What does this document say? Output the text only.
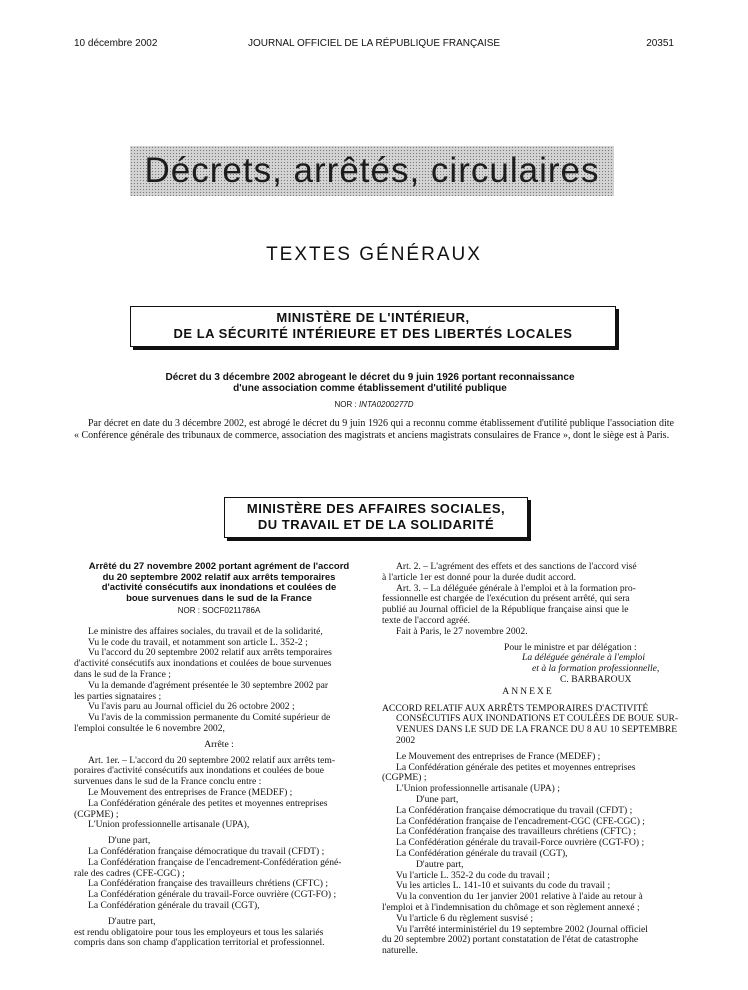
10 décembre 2002	JOURNAL OFFICIEL DE LA RÉPUBLIQUE FRANÇAISE	20351
Décrets, arrêtés, circulaires
TEXTES GÉNÉRAUX
MINISTÈRE DE L'INTÉRIEUR,
DE LA SÉCURITÉ INTÉRIEURE ET DES LIBERTÉS LOCALES
Décret du 3 décembre 2002 abrogeant le décret du 9 juin 1926 portant reconnaissance
d'une association comme établissement d'utilité publique
NOR : INTA0200277D
Par décret en date du 3 décembre 2002, est abrogé le décret du 9 juin 1926 qui a reconnu comme établissement d'utilité publique l'association dite « Conférence générale des tribunaux de commerce, association des magistrats et anciens magistrats consulaires de France », dont le siège est à Paris.
MINISTÈRE DES AFFAIRES SOCIALES,
DU TRAVAIL ET DE LA SOLIDARITÉ
Arrêté du 27 novembre 2002 portant agrément de l'accord
du 20 septembre 2002 relatif aux arrêts temporaires
d'activité consécutifs aux inondations et coulées de
boue survenues dans le sud de la France
NOR : SOCF0211786A
Le ministre des affaires sociales, du travail et de la solidarité,
Vu le code du travail, et notamment son article L. 352-2 ;
Vu l'accord du 20 septembre 2002 relatif aux arrêts temporaires
d'activité consécutifs aux inondations et coulées de boue survenues
dans le sud de la France ;
Vu la demande d'agrément présentée le 30 septembre 2002 par
les parties signataires ;
Vu l'avis paru au Journal officiel du 26 octobre 2002 ;
Vu l'avis de la commission permanente du Comité supérieur de
l'emploi consultée le 6 novembre 2002,
Arrête :
Art. 1er. – L'accord du 20 septembre 2002 relatif aux arrêts tem-
poraires d'activité consécutifs aux inondations et coulées de boue
survenues dans le sud de la France conclu entre :
Le Mouvement des entreprises de France (MEDEF) ;
La Confédération générale des petites et moyennes entreprises
(CGPME) ;
L'Union professionnelle artisanale (UPA),
D'une part,
La Confédération française démocratique du travail (CFDT) ;
La Confédération française de l'encadrement-Confédération géné-
rale des cadres (CFE-CGC) ;
La Confédération française des travailleurs chrétiens (CFTC) ;
La Confédération générale du travail-Force ouvrière (CGT-FO) ;
La Confédération générale du travail (CGT),
D'autre part,
est rendu obligatoire pour tous les employeurs et tous les salariés
compris dans son champ d'application territorial et professionnel.
Art. 2. – L'agrément des effets et des sanctions de l'accord visé
à l'article 1er est donné pour la durée dudit accord.
Art. 3. – La déléguée générale à l'emploi et à la formation pro-
fessionnelle est chargée de l'exécution du présent arrêté, qui sera
publié au Journal officiel de la République française ainsi que le
texte de l'accord agréé.
Fait à Paris, le 27 novembre 2002.
Pour le ministre et par délégation :
La déléguée générale à l'emploi
et à la formation professionnelle,
C. BARBAROUX
ANNEXE
ACCORD RELATIF AUX ARRÊTS TEMPORAIRES D'ACTIVITÉ
CONSÉCUTIFS AUX INONDATIONS ET COULÉES DE BOUE SUR-
VENUES DANS LE SUD DE LA FRANCE DU 8 AU 10 SEPTEMBRE
2002
Le Mouvement des entreprises de France (MEDEF) ;
La Confédération générale des petites et moyennes entreprises
(CGPME) ;
L'Union professionnelle artisanale (UPA) ;
D'une part,
La Confédération française démocratique du travail (CFDT) ;
La Confédération française de l'encadrement-CGC (CFE-CGC) ;
La Confédération française des travailleurs chrétiens (CFTC) ;
La Confédération générale du travail-Force ouvrière (CGT-FO) ;
La Confédération générale du travail (CGT),
D'autre part,
Vu l'article L. 352-2 du code du travail ;
Vu les articles L. 141-10 et suivants du code du travail ;
Vu la convention du 1er janvier 2001 relative à l'aide au retour à
l'emploi et à l'indemnisation du chômage et son règlement annexé ;
Vu l'article 6 du règlement susvisé ;
Vu l'arrêté interministériel du 19 septembre 2002 (Journal officiel
du 20 septembre 2002) portant constatation de l'état de catastrophe
naturelle.
